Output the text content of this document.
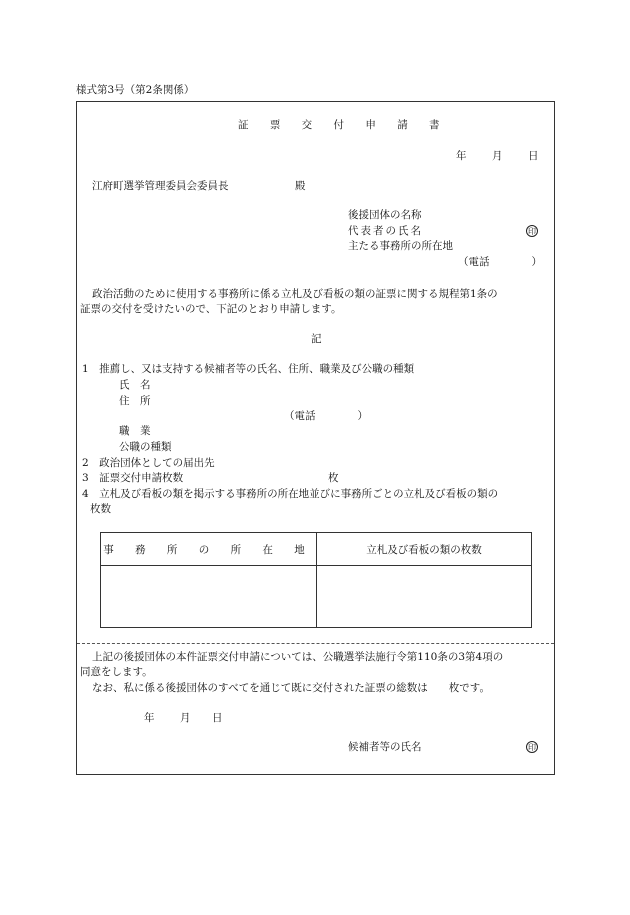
様式第3号（第2条関係）
証 票 交 付 申 請 書
年 月 日
江府町選挙管理委員会委員長	殿
後援団体の名称
代表者の氏名	印
主たる事務所の所在地
（電話　　　　）
政治活動のために使用する事務所に係る立札及び看板の類の証票に関する規程第1条の
証票の交付を受けたいので、下記のとおり申請します。
記
1　推薦し、又は支持する候補者等の氏名、住所、職業及び公職の種類
氏　名
住　所
（電話　　　　）
職　業
公職の種類
2　政治団体としての届出先
3　証票交付申請枚数	枚
4　立札及び看板の類を掲示する事務所の所在地並びに事務所ごとの立札及び看板の類の
枚数
事 務 所 の 所 在 地	立札及び看板の類の枚数

上記の後援団体の本件証票交付申請については、公職選挙法施行令第110条の3第4項の
同意をします。
なお、私に係る後援団体のすべてを通じて既に交付された証票の総数は　　枚です。
年 月 日
候補者等の氏名	印
